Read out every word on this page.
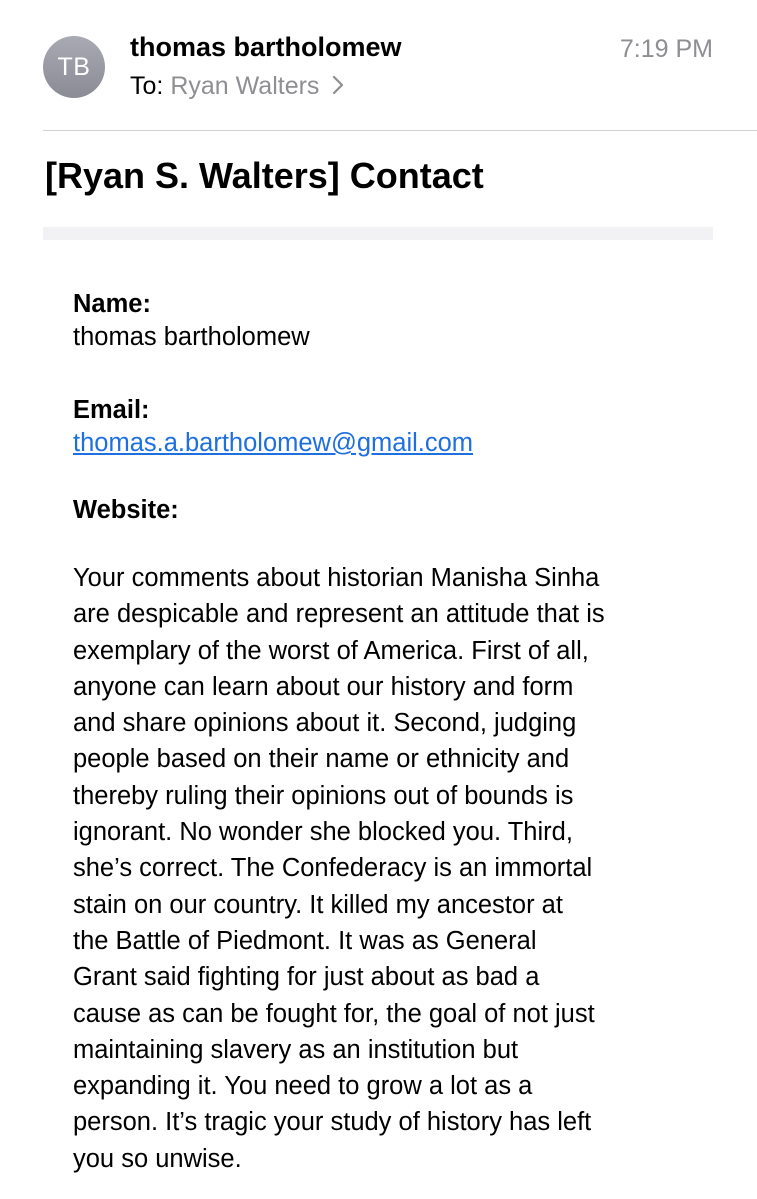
TB
thomas bartholomew	7:19 PM
To: Ryan Walters
[Ryan S. Walters] Contact
Name:
thomas bartholomew
Email:
thomas.a.bartholomew@gmail.com
Website:
Your comments about historian Manisha Sinha
are despicable and represent an attitude that is
exemplary of the worst of America. First of all,
anyone can learn about our history and form
and share opinions about it. Second, judging
people based on their name or ethnicity and
thereby ruling their opinions out of bounds is
ignorant. No wonder she blocked you. Third,
she’s correct. The Confederacy is an immortal
stain on our country. It killed my ancestor at
the Battle of Piedmont. It was as General
Grant said fighting for just about as bad a
cause as can be fought for, the goal of not just
maintaining slavery as an institution but
expanding it. You need to grow a lot as a
person. It’s tragic your study of history has left
you so unwise.
